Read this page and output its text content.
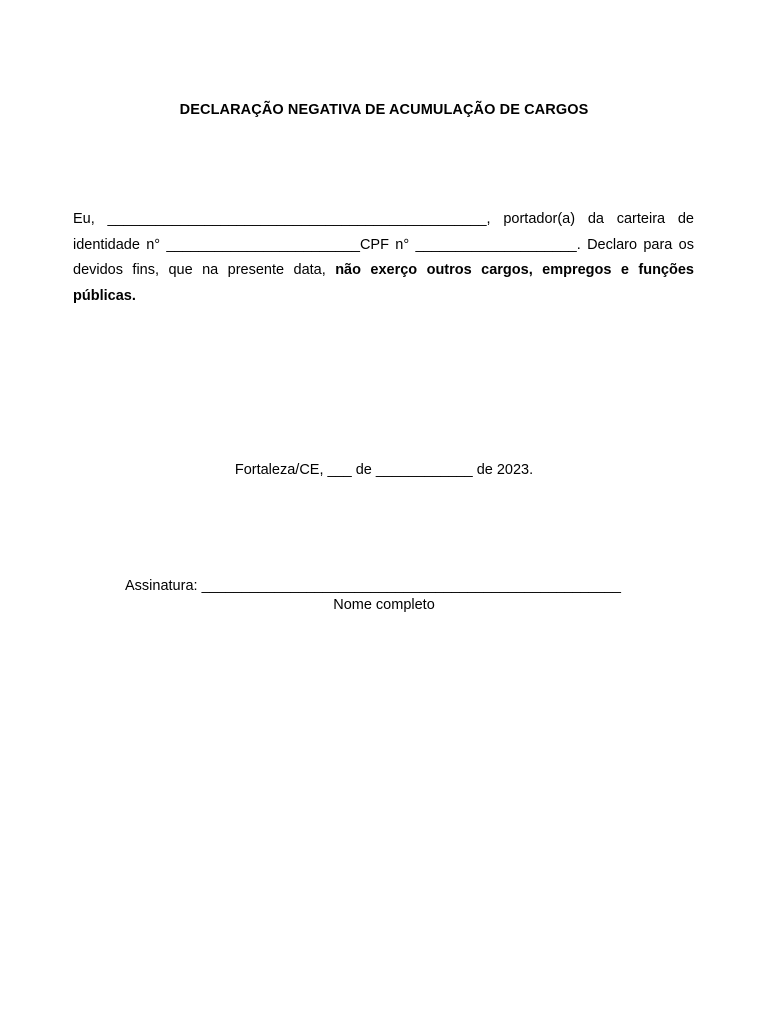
DECLARAÇÃO NEGATIVA DE ACUMULAÇÃO DE CARGOS
Eu, _______________________________________________, portador(a) da carteira de identidade n° ________________________CPF n° ____________________. Declaro para os devidos fins, que na presente data, não exerço outros cargos, empregos e funções públicas.
Fortaleza/CE, ___ de ____________ de 2023.
Assinatura: ____________________________________________________
Nome completo
